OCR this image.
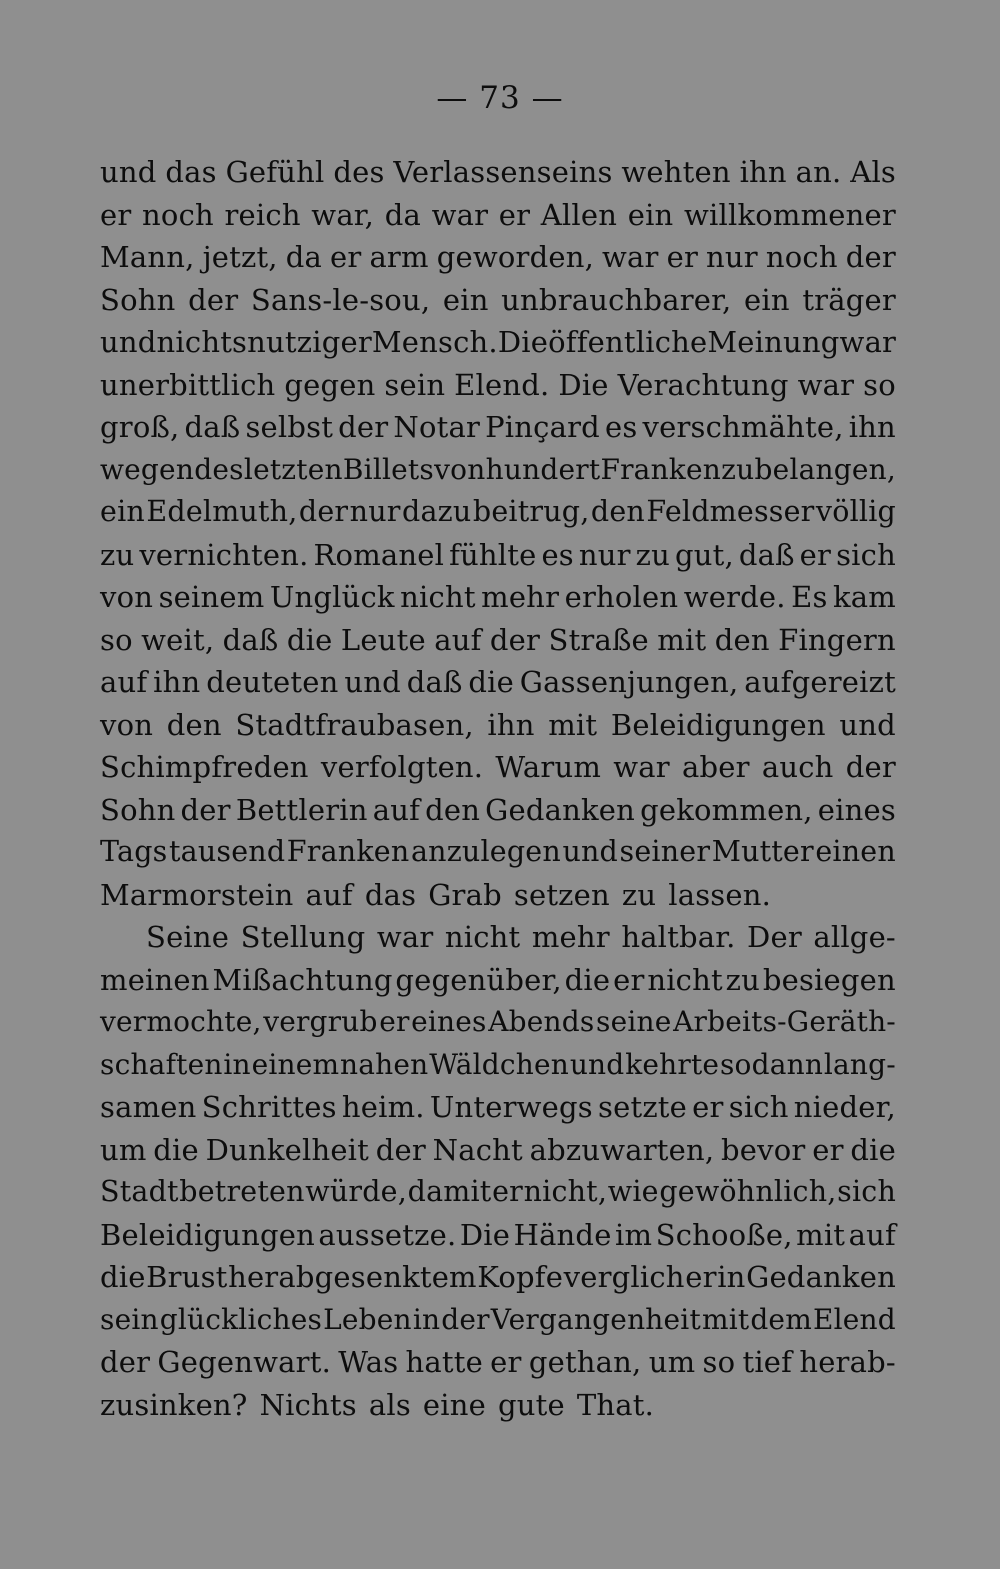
— 73 —
und das Gefühl des Verlassenseins wehten ihn an. Als
er noch reich war, da war er Allen ein willkommener
Mann, jetzt, da er arm geworden, war er nur noch der
Sohn der Sans-le-sou, ein unbrauchbarer, ein träger
und nichtsnutziger Mensch. Die öffentliche Meinung war
unerbittlich gegen sein Elend. Die Verachtung war so
groß, daß selbst der Notar Pinçard es verschmähte, ihn
wegen des letzten Billets von hundert Franken zu belangen,
ein Edelmuth, der nur dazu beitrug, den Feldmesser völlig
zu vernichten. Romanel fühlte es nur zu gut, daß er sich
von seinem Unglück nicht mehr erholen werde. Es kam
so weit, daß die Leute auf der Straße mit den Fingern
auf ihn deuteten und daß die Gassenjungen, aufgereizt
von den Stadtfraubasen, ihn mit Beleidigungen und
Schimpfreden verfolgten. Warum war aber auch der
Sohn der Bettlerin auf den Gedanken gekommen, eines
Tags tausend Franken anzulegen und seiner Mutter einen
Marmorstein auf das Grab setzen zu lassen.
Seine Stellung war nicht mehr haltbar. Der allge-
meinen Mißachtung gegenüber, die er nicht zu besiegen
vermochte, vergrub er eines Abends seine Arbeits-Geräth-
schaften in einem nahen Wäldchen und kehrte sodann lang-
samen Schrittes heim. Unterwegs setzte er sich nieder,
um die Dunkelheit der Nacht abzuwarten, bevor er die
Stadt betreten würde, damit er nicht, wie gewöhnlich, sich
Beleidigungen aussetze. Die Hände im Schooße, mit auf
die Brust herabgesenktem Kopfe verglich er in Gedanken
sein glückliches Leben in der Vergangenheit mit dem Elend
der Gegenwart. Was hatte er gethan, um so tief herab-
zusinken? Nichts als eine gute That.
